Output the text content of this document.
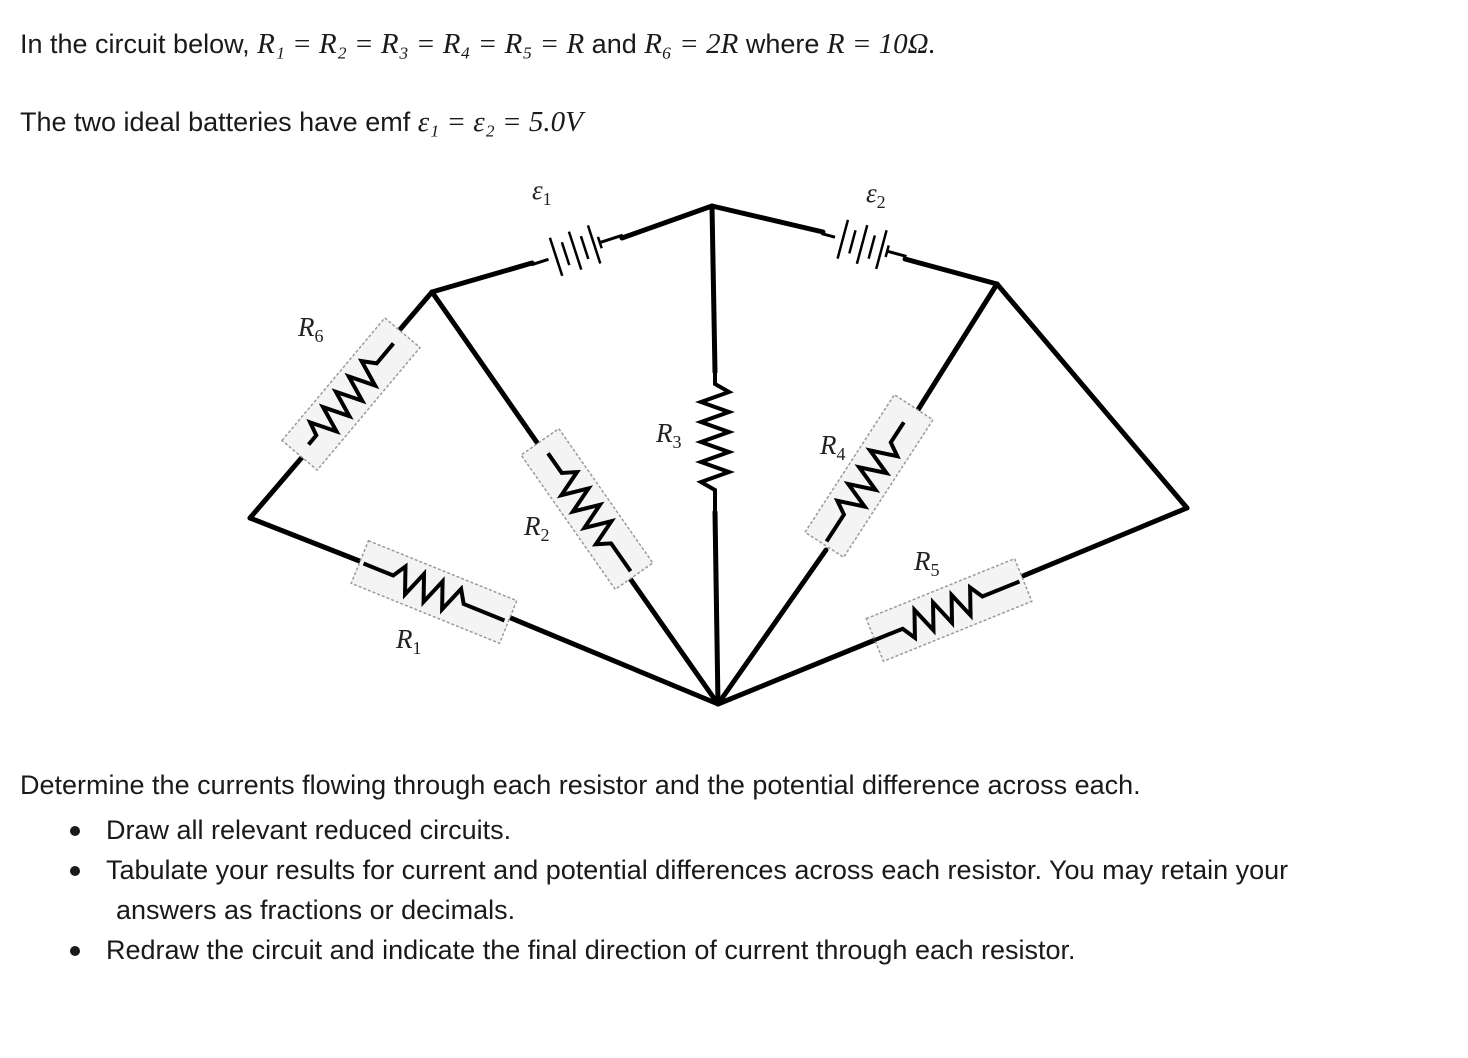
In the circuit below, R₁ = R₂ = R₃ = R₄ = R₅ = R and R₆ = 2R where R = 10Ω.
The two ideal batteries have emf ε₁ = ε₂ = 5.0V
$\varepsilon_1$	$\varepsilon_2$
$R_6$
$R_3$	$R_4$
$R_2$
$R_5$
$R_1$
Determine the currents flowing through each resistor and the potential difference across each.
Draw all relevant reduced circuits.
Tabulate your results for current and potential differences across each resistor. You may retain your
answers as fractions or decimals.
Redraw the circuit and indicate the final direction of current through each resistor.
